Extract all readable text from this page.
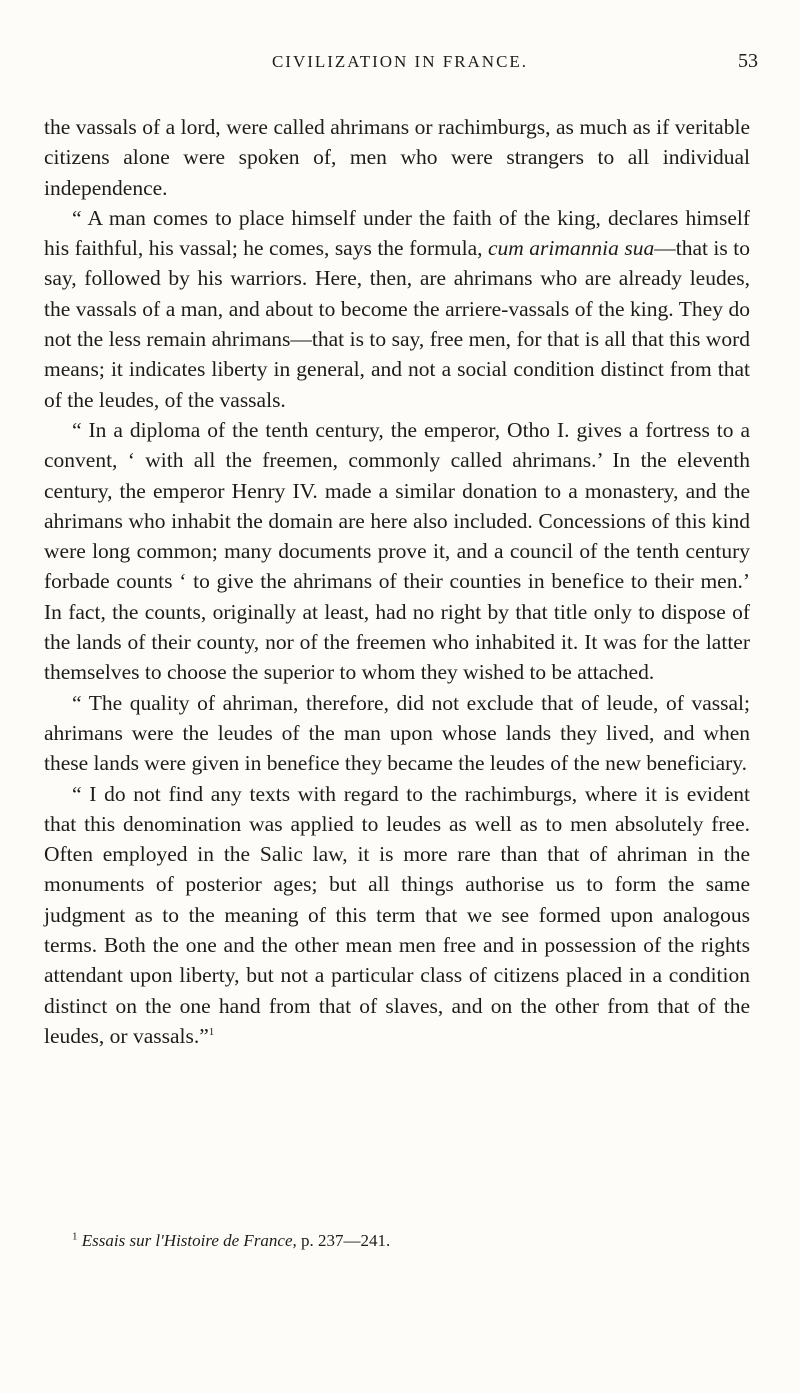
CIVILIZATION IN FRANCE.	53

the vassals of a lord, were called ahrimans or rachimburgs, as much as if veritable citizens alone were spoken of, men who were strangers to all individual independence.

“ A man comes to place himself under the faith of the king, declares himself his faithful, his vassal; he comes, says the formula, cum arimannia sua—that is to say, followed by his warriors. Here, then, are ahrimans who are already leudes, the vassals of a man, and about to become the arriere-vassals of the king. They do not the less remain ahrimans—that is to say, free men, for that is all that this word means; it indicates liberty in general, and not a social condition distinct from that of the leudes, of the vassals.

“ In a diploma of the tenth century, the emperor, Otho I. gives a fortress to a convent, ‘ with all the freemen, commonly called ahrimans.’ In the eleventh century, the emperor Henry IV. made a similar donation to a monastery, and the ahrimans who inhabit the domain are here also included. Concessions of this kind were long common; many documents prove it, and a council of the tenth century forbade counts ‘ to give the ahrimans of their counties in benefice to their men.’ In fact, the counts, originally at least, had no right by that title only to dispose of the lands of their county, nor of the freemen who inhabited it. It was for the latter themselves to choose the superior to whom they wished to be attached.

“ The quality of ahriman, therefore, did not exclude that of leude, of vassal; ahrimans were the leudes of the man upon whose lands they lived, and when these lands were given in benefice they became the leudes of the new beneficiary.

“ I do not find any texts with regard to the rachimburgs, where it is evident that this denomination was applied to leudes as well as to men absolutely free. Often employed in the Salic law, it is more rare than that of ahriman in the monuments of posterior ages; but all things authorise us to form the same judgment as to the meaning of this term that we see formed upon analogous terms. Both the one and the other mean men free and in possession of the rights attendant upon liberty, but not a particular class of citizens placed in a condition distinct on the one hand from that of slaves, and on the other from that of the leudes, or vassals.”$^1$

$^1$ Essais sur l'Histoire de France, p. 237—241.
